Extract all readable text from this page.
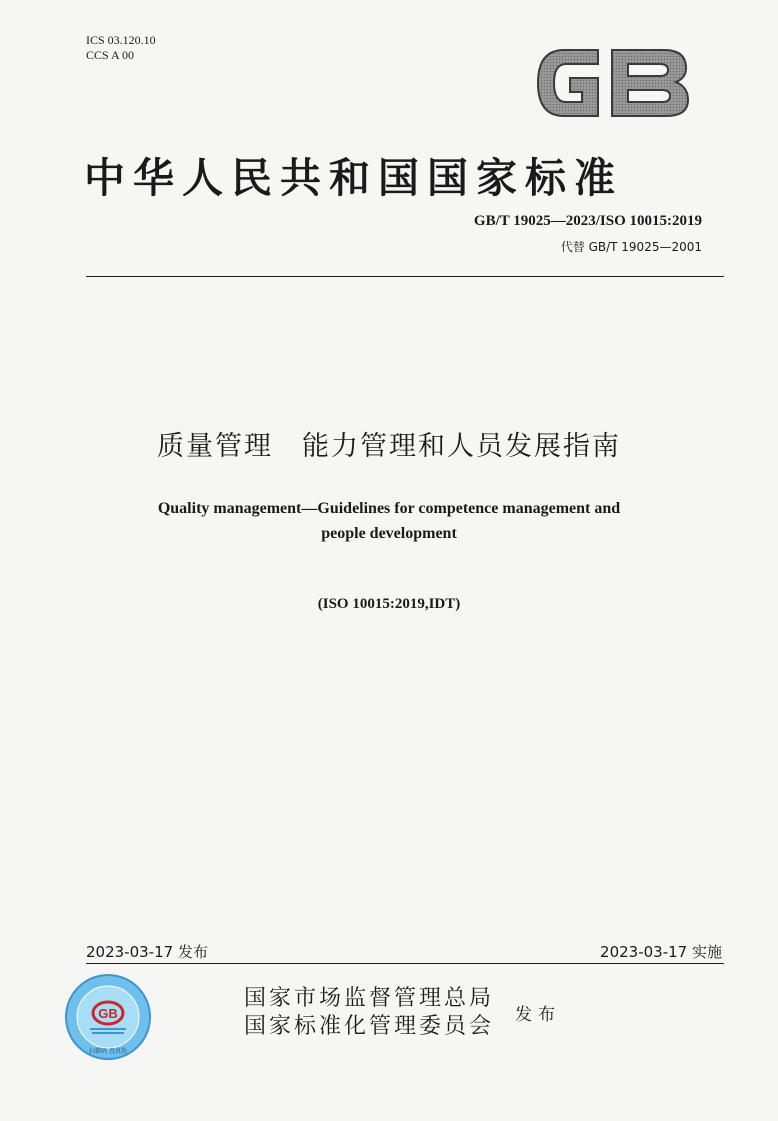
ICS 03.120.10
CCS A 00
中华人民共和国国家标准
GB/T 19025—2023/ISO 10015:2019
代替 GB/T 19025—2001
质量管理　能力管理和人员发展指南
Quality management—Guidelines for competence management and
people development
(ISO 10015:2019,IDT)
2023-03-17 发布	2023-03-17 实施
GB
扫描码 查真伪
国家市场监督管理总局
国家标准化管理委员会 发布
